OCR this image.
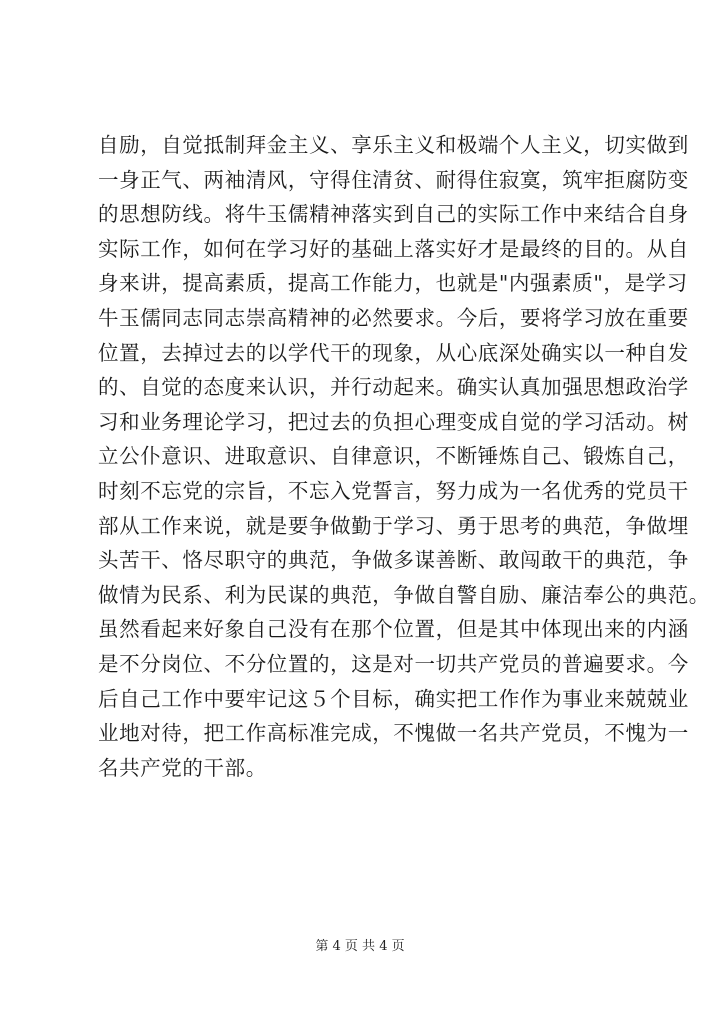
自励，自觉抵制拜金主义、享乐主义和极端个人主义，切实做到
一身正气、两袖清风，守得住清贫、耐得住寂寞，筑牢拒腐防变
的思想防线。将牛玉儒精神落实到自己的实际工作中来结合自身
实际工作，如何在学习好的基础上落实好才是最终的目的。从自
身来讲，提高素质，提高工作能力，也就是"内强素质"，是学习
牛玉儒同志同志崇高精神的必然要求。今后，要将学习放在重要
位置，去掉过去的以学代干的现象，从心底深处确实以一种自发
的、自觉的态度来认识，并行动起来。确实认真加强思想政治学
习和业务理论学习，把过去的负担心理变成自觉的学习活动。树
立公仆意识、进取意识、自律意识，不断锤炼自己、锻炼自己，
时刻不忘党的宗旨，不忘入党誓言，努力成为一名优秀的党员干
部从工作来说，就是要争做勤于学习、勇于思考的典范，争做埋
头苦干、恪尽职守的典范，争做多谋善断、敢闯敢干的典范，争
做情为民系、利为民谋的典范，争做自警自励、廉洁奉公的典范。
虽然看起来好象自己没有在那个位置，但是其中体现出来的内涵
是不分岗位、不分位置的，这是对一切共产党员的普遍要求。今
后自己工作中要牢记这５个目标，确实把工作作为事业来兢兢业
业地对待，把工作高标准完成，不愧做一名共产党员，不愧为一
名共产党的干部。
第 4 页 共 4 页
